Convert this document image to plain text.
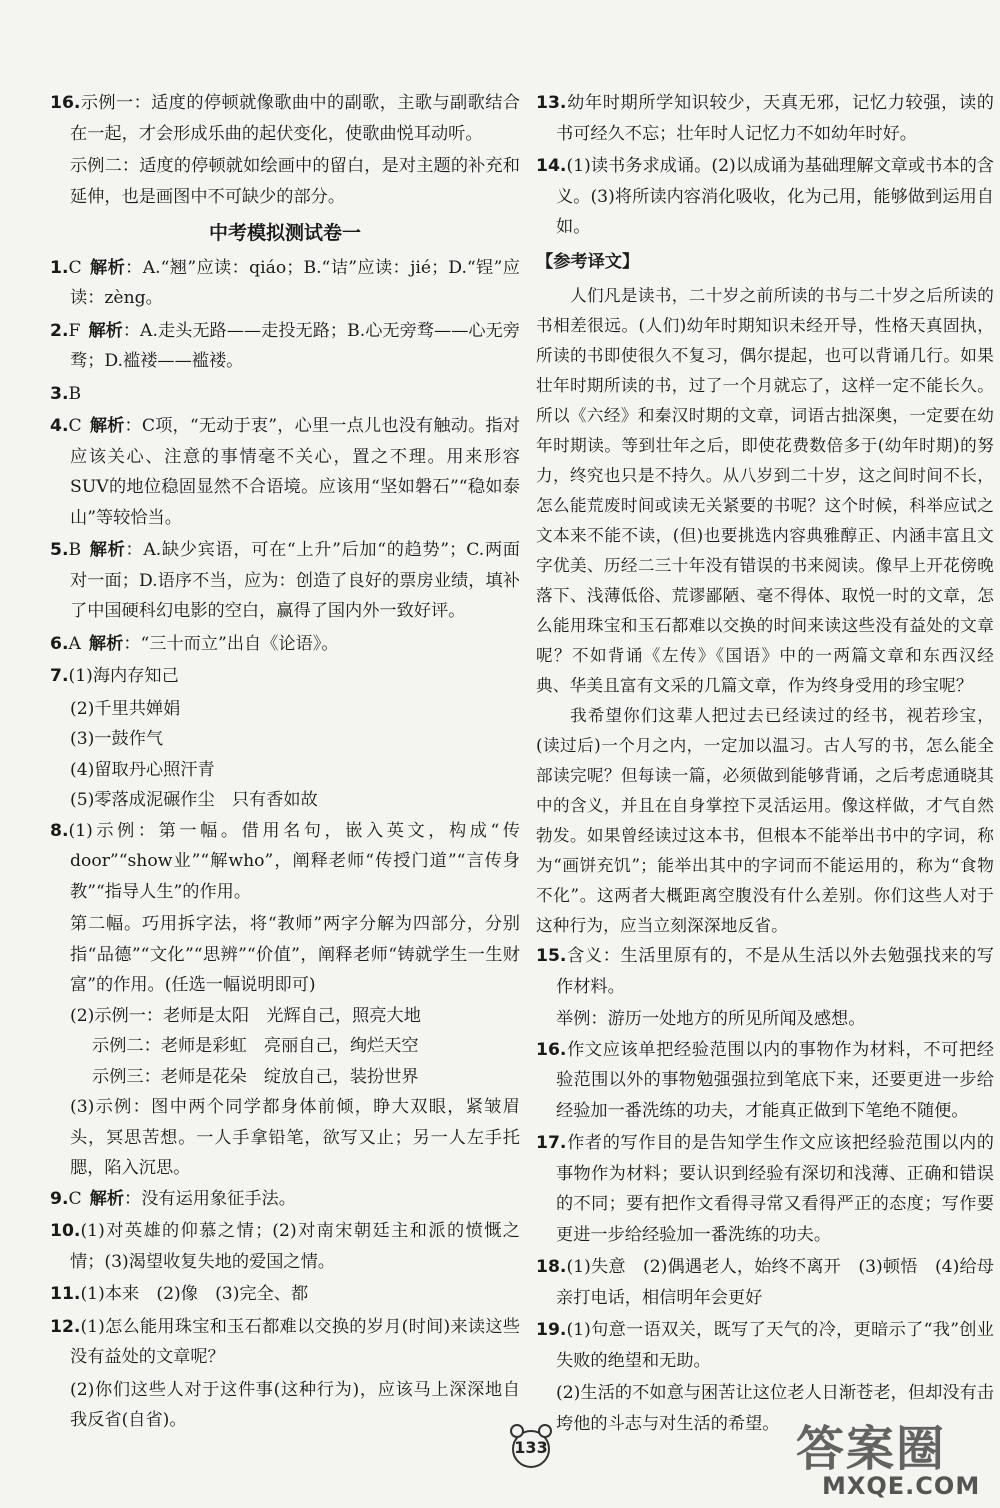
16.示例一：适度的停顿就像歌曲中的副歌，主歌与副歌结合在一起，才会形成乐曲的起伏变化，使歌曲悦耳动听。

示例二：适度的停顿就如绘画中的留白，是对主题的补充和延伸，也是画图中不可缺少的部分。

中考模拟测试卷一

1.C 解析：A.“翘”应读：qiáo；B.“诘”应读：jié；D.“锃”应读：zèng。

2.F 解析：A.走头无路——走投无路；B.心无旁骛——心无旁骛；D.褴褛——褴褛。

3.B

4.C 解析：C项，“无动于衷”，心里一点儿也没有触动。指对应该关心、注意的事情毫不关心，置之不理。用来形容SUV的地位稳固显然不合语境。应该用“坚如磐石”“稳如泰山”等较恰当。

5.B 解析：A.缺少宾语，可在“上升”后加“的趋势”；C.两面对一面；D.语序不当，应为：创造了良好的票房业绩，填补了中国硬科幻电影的空白，赢得了国内外一致好评。

6.A 解析：“三十而立”出自《论语》。

7.(1)海内存知己

(2)千里共婵娟

(3)一鼓作气

(4)留取丹心照汗青

(5)零落成泥碾作尘　只有香如故

8.(1)示例：第一幅。借用名句，嵌入英文，构成“传door”“show业”“解who”，阐释老师“传授门道”“言传身教”“指导人生”的作用。

第二幅。巧用拆字法，将“教师”两字分解为四部分，分别指“品德”“文化”“思辨”“价值”，阐释老师“铸就学生一生财富”的作用。(任选一幅说明即可)

(2)示例一：老师是太阳　光辉自己，照亮大地

示例二：老师是彩虹　亮丽自己，绚烂天空

示例三：老师是花朵　绽放自己，装扮世界

(3)示例：图中两个同学都身体前倾，睁大双眼，紧皱眉头，冥思苦想。一人手拿铅笔，欲写又止；另一人左手托腮，陷入沉思。

9.C 解析：没有运用象征手法。

10.(1)对英雄的仰慕之情；(2)对南宋朝廷主和派的愤慨之情；(3)渴望收复失地的爱国之情。

11.(1)本来　(2)像　(3)完全、都

12.(1)怎么能用珠宝和玉石都难以交换的岁月(时间)来读这些没有益处的文章呢？

(2)你们这些人对于这件事(这种行为)，应该马上深深地自我反省(自省)。

13.幼年时期所学知识较少，天真无邪，记忆力较强，读的书可经久不忘；壮年时人记忆力不如幼年时好。

14.(1)读书务求成诵。(2)以成诵为基础理解文章或书本的含义。(3)将所读内容消化吸收，化为己用，能够做到运用自如。

【参考译文】

人们凡是读书，二十岁之前所读的书与二十岁之后所读的书相差很远。(人们)幼年时期知识未经开导，性格天真固执，所读的书即使很久不复习，偶尔提起，也可以背诵几行。如果壮年时期所读的书，过了一个月就忘了，这样一定不能长久。所以《六经》和秦汉时期的文章，词语古拙深奥，一定要在幼年时期读。等到壮年之后，即使花费数倍多于(幼年时期)的努力，终究也只是不持久。从八岁到二十岁，这之间时间不长，怎么能荒废时间或读无关紧要的书呢？这个时候，科举应试之文本来不能不读，(但)也要挑选内容典雅醇正、内涵丰富且文字优美、历经二三十年没有错误的书来阅读。像早上开花傍晚落下、浅薄低俗、荒谬鄙陋、毫不得体、取悦一时的文章，怎么能用珠宝和玉石都难以交换的时间来读这些没有益处的文章呢？不如背诵《左传》《国语》中的一两篇文章和东西汉经典、华美且富有文采的几篇文章，作为终身受用的珍宝呢？

我希望你们这辈人把过去已经读过的经书，视若珍宝，(读过后)一个月之内，一定加以温习。古人写的书，怎么能全部读完呢？但每读一篇，必须做到能够背诵，之后考虑通晓其中的含义，并且在自身掌控下灵活运用。像这样做，才气自然勃发。如果曾经读过这本书，但根本不能举出书中的字词，称为“画饼充饥”；能举出其中的字词而不能运用的，称为“食物不化”。这两者大概距离空腹没有什么差别。你们这些人对于这种行为，应当立刻深深地反省。

15.含义：生活里原有的，不是从生活以外去勉强找来的写作材料。

举例：游历一处地方的所见所闻及感想。

16.作文应该单把经验范围以内的事物作为材料，不可把经验范围以外的事物勉强强拉到笔底下来，还要更进一步给经验加一番洗练的功夫，才能真正做到下笔绝不随便。

17.作者的写作目的是告知学生作文应该把经验范围以内的事物作为材料；要认识到经验有深切和浅薄、正确和错误的不同；要有把作文看得寻常又看得严正的态度；写作要更进一步给经验加一番洗练的功夫。

18.(1)失意　(2)偶遇老人，始终不离开　(3)顿悟　(4)给母亲打电话，相信明年会更好

19.(1)句意一语双关，既写了天气的冷，更暗示了“我”创业失败的绝望和无助。

(2)生活的不如意与困苦让这位老人日渐苍老，但却没有击垮他的斗志与对生活的希望。

133	答案圈
MXQE.COM
